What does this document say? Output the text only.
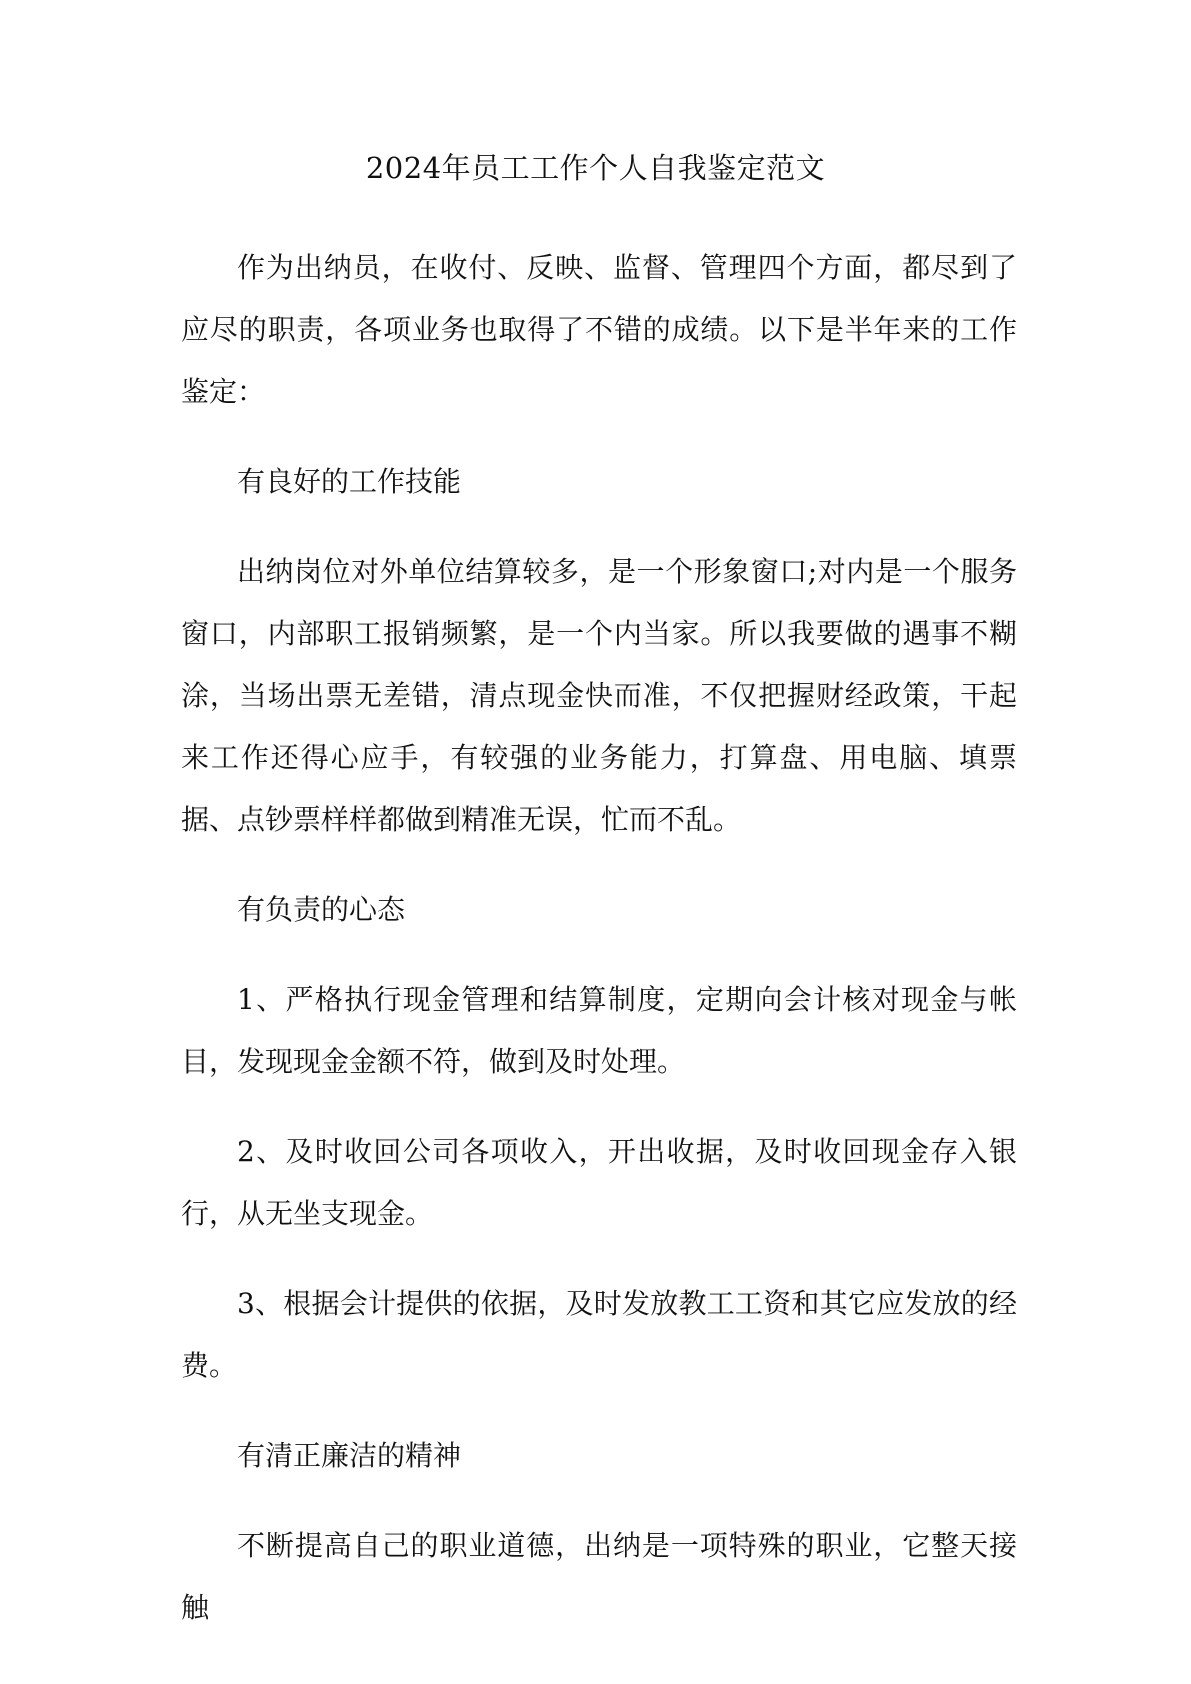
2024年员工工作个人自我鉴定范文

作为出纳员，在收付、反映、监督、管理四个方面，都尽到了应尽的职责，各项业务也取得了不错的成绩。以下是半年来的工作鉴定：

有良好的工作技能

出纳岗位对外单位结算较多，是一个形象窗口;对内是一个服务窗口，内部职工报销频繁，是一个内当家。所以我要做的遇事不糊涂，当场出票无差错，清点现金快而准，不仅把握财经政策，干起来工作还得心应手，有较强的业务能力，打算盘、用电脑、填票据、点钞票样样都做到精准无误，忙而不乱。

有负责的心态

1、严格执行现金管理和结算制度，定期向会计核对现金与帐目，发现现金金额不符，做到及时处理。

2、及时收回公司各项收入，开出收据，及时收回现金存入银行，从无坐支现金。

3、根据会计提供的依据，及时发放教工工资和其它应发放的经费。

有清正廉洁的精神

不断提高自己的职业道德，出纳是一项特殊的职业，它整天接触
